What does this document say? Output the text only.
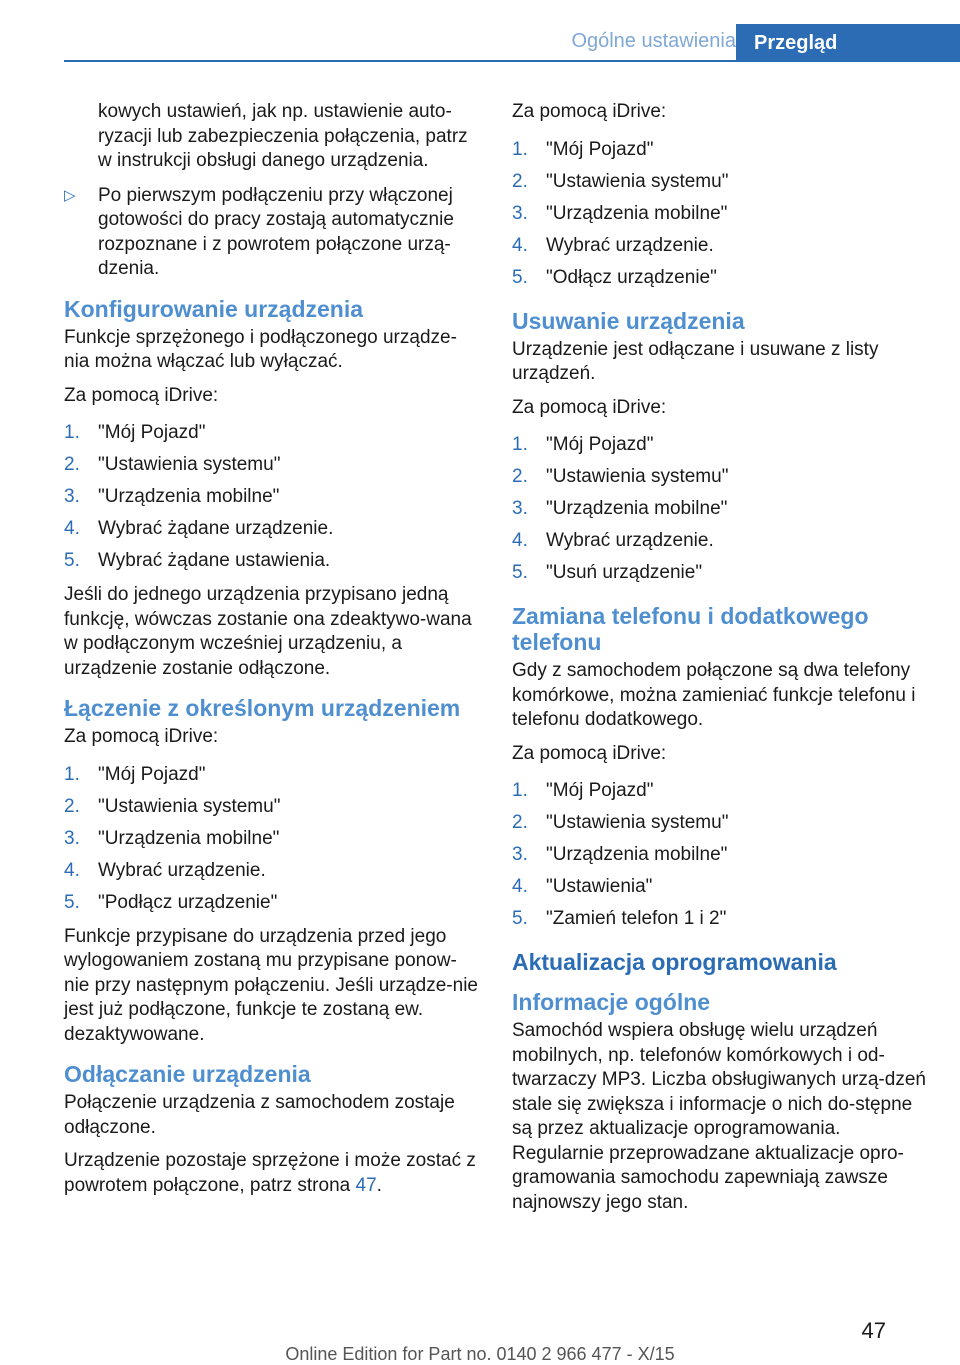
Ogólne ustawienia Przegląd

kowych ustawień, jak np. ustawienie auto-ryzacji lub zabezpieczenia połączenia, patrz w instrukcji obsługi danego urządzenia.

▷ Po pierwszym podłączeniu przy włączonej gotowości do pracy zostają automatycznie rozpoznane i z powrotem połączone urzą-dzenia.
Konfigurowanie urządzenia

Funkcje sprzężonego i podłączonego urządze-nia można włączać lub wyłączać.

Za pomocą iDrive:

1. "Mój Pojazd"
2. "Ustawienia systemu"
3. "Urządzenia mobilne"
4. Wybrać żądane urządzenie.
5. Wybrać żądane ustawienia.

Jeśli do jednego urządzenia przypisano jedną funkcję, wówczas zostanie ona zdeaktywo-wana w podłączonym wcześniej urządzeniu, a urządzenie zostanie odłączone.

Łączenie z określonym urządzeniem

Za pomocą iDrive:

1. "Mój Pojazd"
2. "Ustawienia systemu"
3. "Urządzenia mobilne"
4. Wybrać urządzenie.
5. "Podłącz urządzenie"

Funkcje przypisane do urządzenia przed jego wylogowaniem zostaną mu przypisane ponow-nie przy następnym połączeniu. Jeśli urządze-nie jest już podłączone, funkcje te zostaną ew. dezaktywowane.

Odłączanie urządzenia

Połączenie urządzenia z samochodem zostaje odłączone.

Urządzenie pozostaje sprzężone i może zostać z powrotem połączone, patrz strona 47.

Za pomocą iDrive:

1. "Mój Pojazd"
2. "Ustawienia systemu"
3. "Urządzenia mobilne"
4. Wybrać urządzenie.
5. "Odłącz urządzenie"
Usuwanie urządzenia

Urządzenie jest odłączane i usuwane z listy urządzeń.

Za pomocą iDrive:

1. "Mój Pojazd"
2. "Ustawienia systemu"
3. "Urządzenia mobilne"
4. Wybrać urządzenie.
5. "Usuń urządzenie"
Zamiana telefonu i dodatkowego telefonu

Gdy z samochodem połączone są dwa telefony komórkowe, można zamieniać funkcje telefonu i telefonu dodatkowego.

Za pomocą iDrive:

1. "Mój Pojazd"
2. "Ustawienia systemu"
3. "Urządzenia mobilne"
4. "Ustawienia"
5. "Zamień telefon 1 i 2"
Aktualizacja oprogramowania
Informacje ogólne

Samochód wspiera obsługę wielu urządzeń mobilnych, np. telefonów komórkowych i od-twarzaczy MP3. Liczba obsługiwanych urzą-dzeń stale się zwiększa i informacje o nich do-stępne są przez aktualizacje oprogramowania. Regularnie przeprowadzane aktualizacje opro-gramowania samochodu zapewniają zawsze najnowszy jego stan.

47
Online Edition for Part no. 0140 2 966 477 - X/15
